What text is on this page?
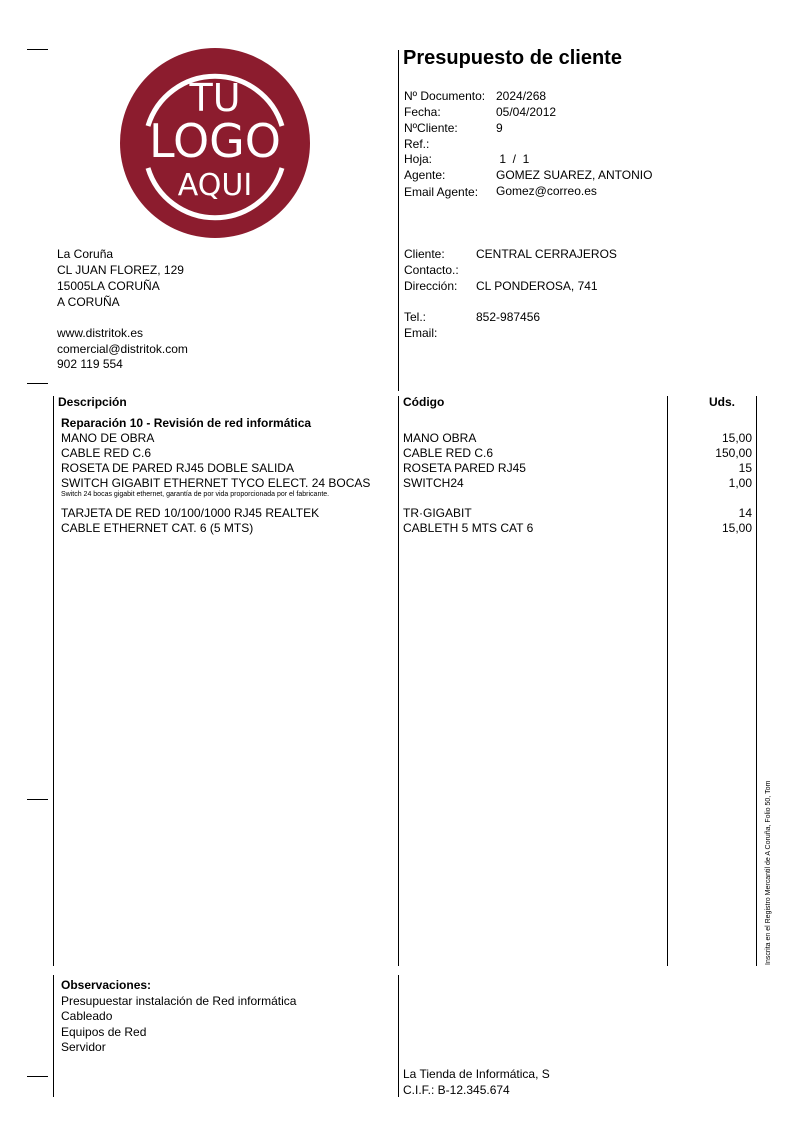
TU
LOGO
AQUI
Presupuesto de cliente
Nº Documento: 2024/268
Fecha:	05/04/2012
NºCliente:	9
Ref.:
Hoja:	1  /  1
Agente:	GOMEZ SUAREZ, ANTONIO
Email Agente: Gomez@correo.es
La Coruña
CL JUAN FLOREZ, 129
15005LA CORUÑA
A CORUÑA
www.distritok.es
comercial@distritok.com
902 119 554
Cliente:	CENTRAL CERRAJEROS
Contacto.:
Dirección: CL PONDEROSA, 741
Tel.:	852-987456
Email:
Descripción	Código	Uds.
Reparación 10 - Revisión de red informática
MANO DE OBRA	MANO OBRA	15,00
CABLE RED C.6	CABLE RED C.6	150,00
ROSETA DE PARED RJ45 DOBLE SALIDA	ROSETA PARED RJ45	15
SWITCH GIGABIT ETHERNET TYCO ELECT. 24 BOCAS	SWITCH24	1,00
Switch 24 bocas gigabit ethernet, garantía de por vida proporcionada por el fabricante.
TARJETA DE RED 10/100/1000 RJ45 REALTEK	TR·GIGABIT	14
CABLE ETHERNET CAT. 6 (5 MTS)	CABLETH 5 MTS CAT 6	15,00
Inscrita en el Registro Mercantil de A Coruña, Folio 50, Tom
Observaciones:
Presupuestar instalación de Red informática
Cableado
Equipos de Red
Servidor
La Tienda de Informática, S
C.I.F.: B-12.345.674
